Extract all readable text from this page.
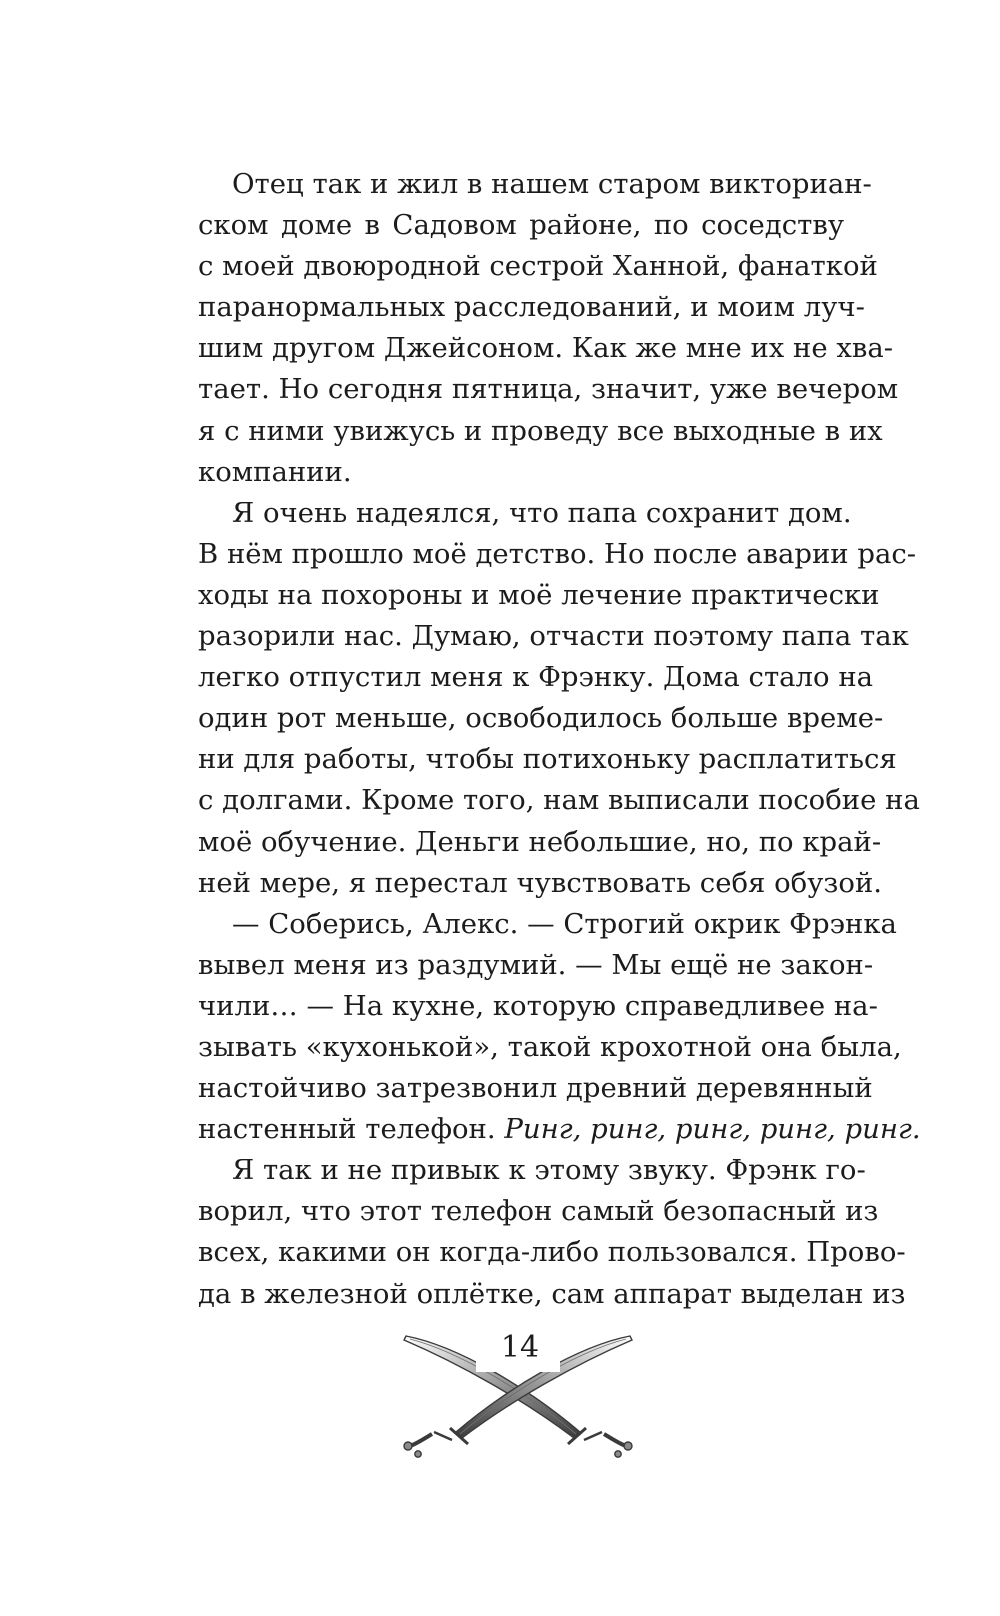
Отец так и жил в нашем старом викториан-
ском доме в Садовом районе, по соседству
с моей двоюродной сестрой Ханной, фанаткой
паранормальных расследований, и моим луч-
шим другом Джейсоном. Как же мне их не хва-
тает. Но сегодня пятница, значит, уже вечером
я с ними увижусь и проведу все выходные в их
компании.
Я очень надеялся, что папа сохранит дом.
В нём прошло моё детство. Но после аварии рас-
ходы на похороны и моё лечение практически
разорили нас. Думаю, отчасти поэтому папа так
легко отпустил меня к Фрэнку. Дома стало на
один рот меньше, освободилось больше време-
ни для работы, чтобы потихоньку расплатиться
с долгами. Кроме того, нам выписали пособие на
моё обучение. Деньги небольшие, но, по край-
ней мере, я перестал чувствовать себя обузой.
— Соберись, Алекс. — Строгий окрик Фрэнка
вывел меня из раздумий. — Мы ещё не закон-
чили… — На кухне, которую справедливее на-
зывать «кухонькой», такой крохотной она была,
настойчиво затрезвонил древний деревянный
настенный телефон. Ринг, ринг, ринг, ринг, ринг.
Я так и не привык к этому звуку. Фрэнк го-
ворил, что этот телефон самый безопасный из
всех, какими он когда-либо пользовался. Прово-
да в железной оплётке, сам аппарат выделан из
14
